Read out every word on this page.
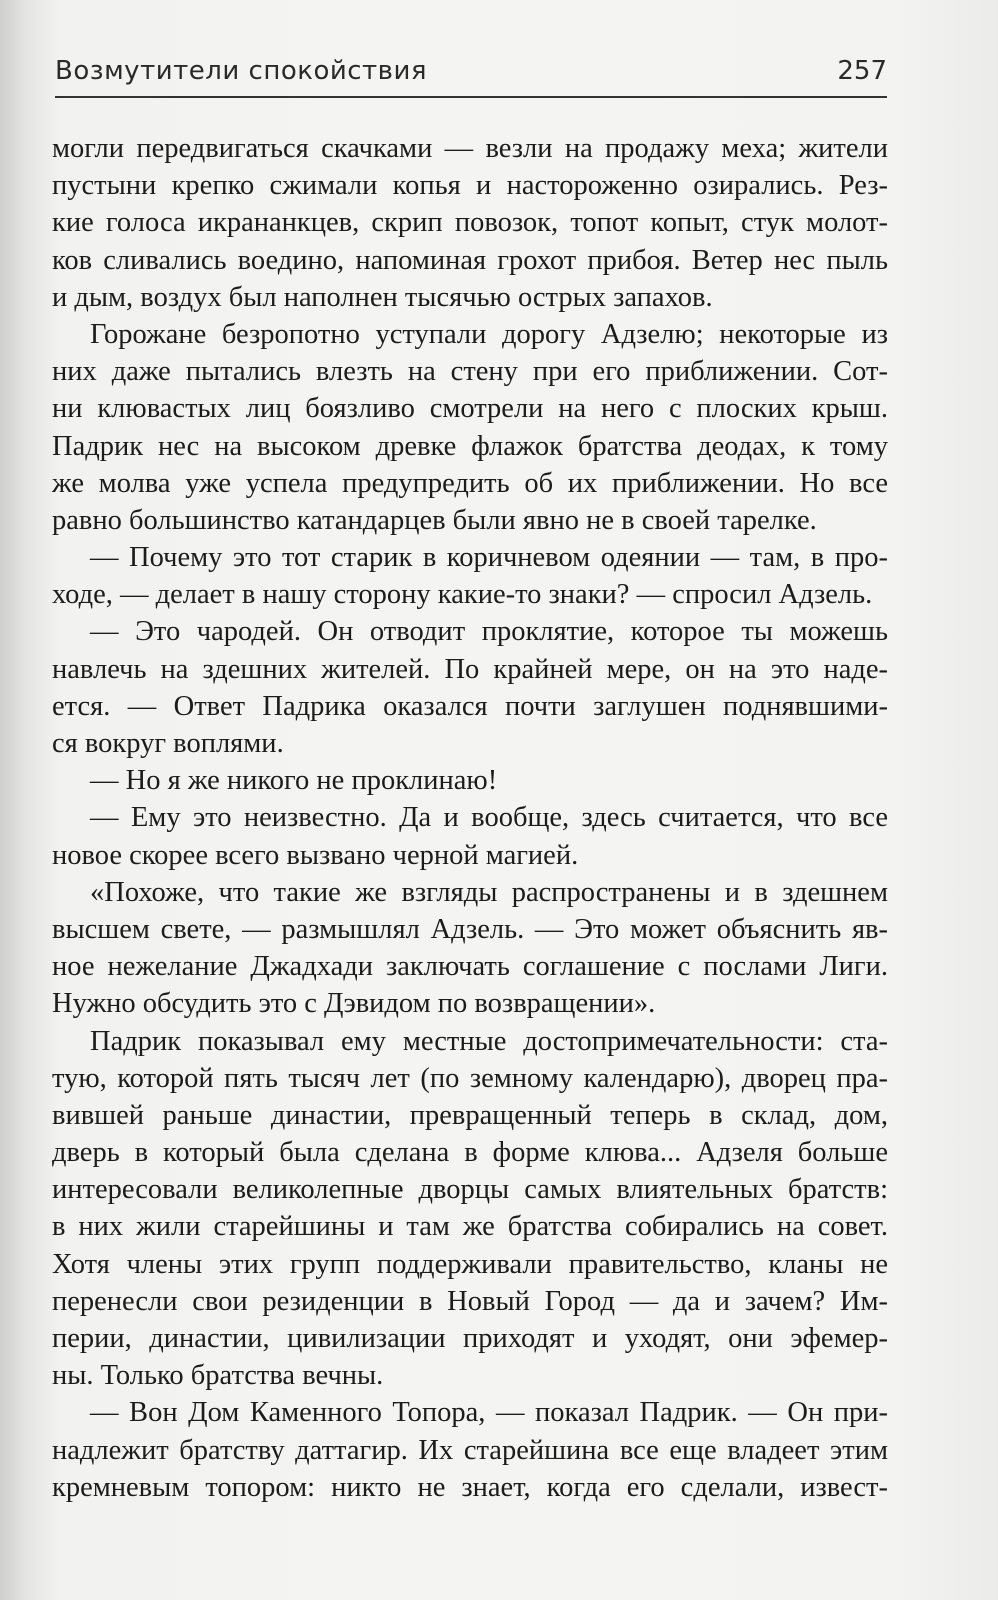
Возмутители спокойствия	257
могли передвигаться скачками — везли на продажу меха; жители
пустыни крепко сжимали копья и настороженно озирались. Рез-
кие голоса икрананкцев, скрип повозок, топот копыт, стук молот-
ков сливались воедино, напоминая грохот прибоя. Ветер нес пыль
и дым, воздух был наполнен тысячью острых запахов.
Горожане безропотно уступали дорогу Адзелю; некоторые из
них даже пытались влезть на стену при его приближении. Сот-
ни клювастых лиц боязливо смотрели на него с плоских крыш.
Падрик нес на высоком древке флажок братства деодах, к тому
же молва уже успела предупредить об их приближении. Но все
равно большинство катандарцев были явно не в своей тарелке.
— Почему это тот старик в коричневом одеянии — там, в про-
ходе, — делает в нашу сторону какие-то знаки? — спросил Адзель.
— Это чародей. Он отводит проклятие, которое ты можешь
навлечь на здешних жителей. По крайней мере, он на это наде-
ется. — Ответ Падрика оказался почти заглушен поднявшими-
ся вокруг воплями.
— Но я же никого не проклинаю!
— Ему это неизвестно. Да и вообще, здесь считается, что все
новое скорее всего вызвано черной магией.
«Похоже, что такие же взгляды распространены и в здешнем
высшем свете, — размышлял Адзель. — Это может объяснить яв-
ное нежелание Джадхади заключать соглашение с послами Лиги.
Нужно обсудить это с Дэвидом по возвращении».
Падрик показывал ему местные достопримечательности: ста-
тую, которой пять тысяч лет (по земному календарю), дворец пра-
вившей раньше династии, превращенный теперь в склад, дом,
дверь в который была сделана в форме клюва... Адзеля больше
интересовали великолепные дворцы самых влиятельных братств:
в них жили старейшины и там же братства собирались на совет.
Хотя члены этих групп поддерживали правительство, кланы не
перенесли свои резиденции в Новый Город — да и зачем? Им-
перии, династии, цивилизации приходят и уходят, они эфемер-
ны. Только братства вечны.
— Вон Дом Каменного Топора, — показал Падрик. — Он при-
надлежит братству даттагир. Их старейшина все еще владеет этим
кремневым топором: никто не знает, когда его сделали, извест-
